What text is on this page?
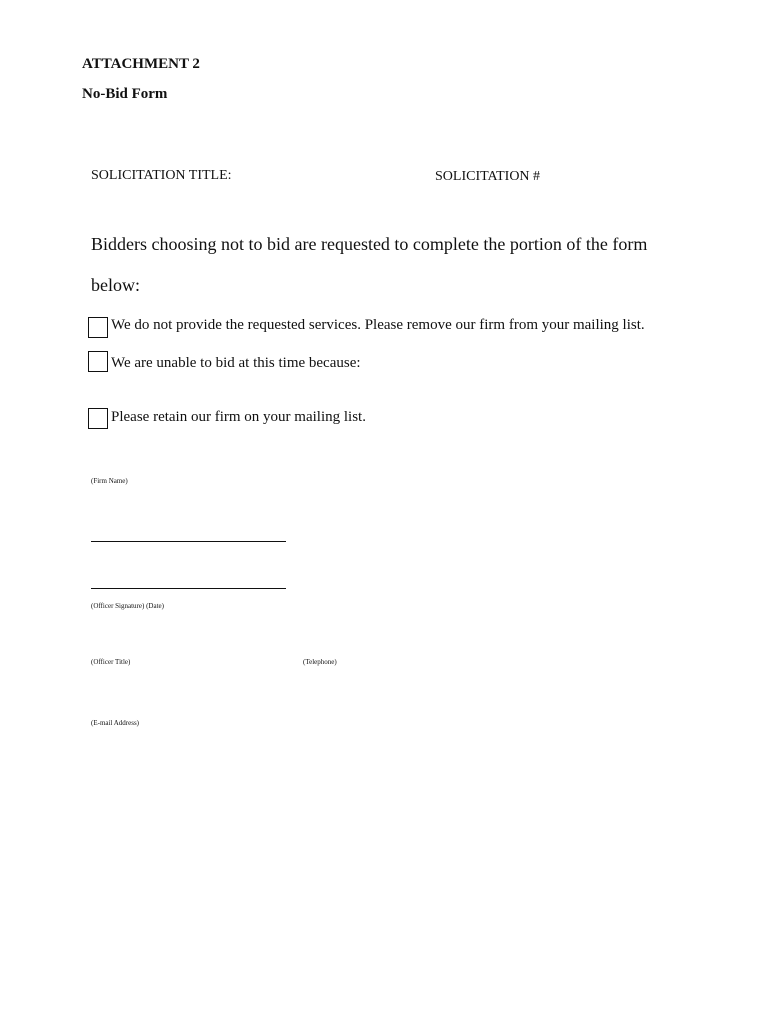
ATTACHMENT 2
No-Bid Form
SOLICITATION TITLE:	SOLICITATION #
Bidders choosing not to bid are requested to complete the portion of the form
below:
We do not provide the requested services. Please remove our firm from your mailing list.
We are unable to bid at this time because:
Please retain our firm on your mailing list.
(Firm Name)
(Officer Signature) (Date)
(Officer Title)	(Telephone)
(E-mail Address)
